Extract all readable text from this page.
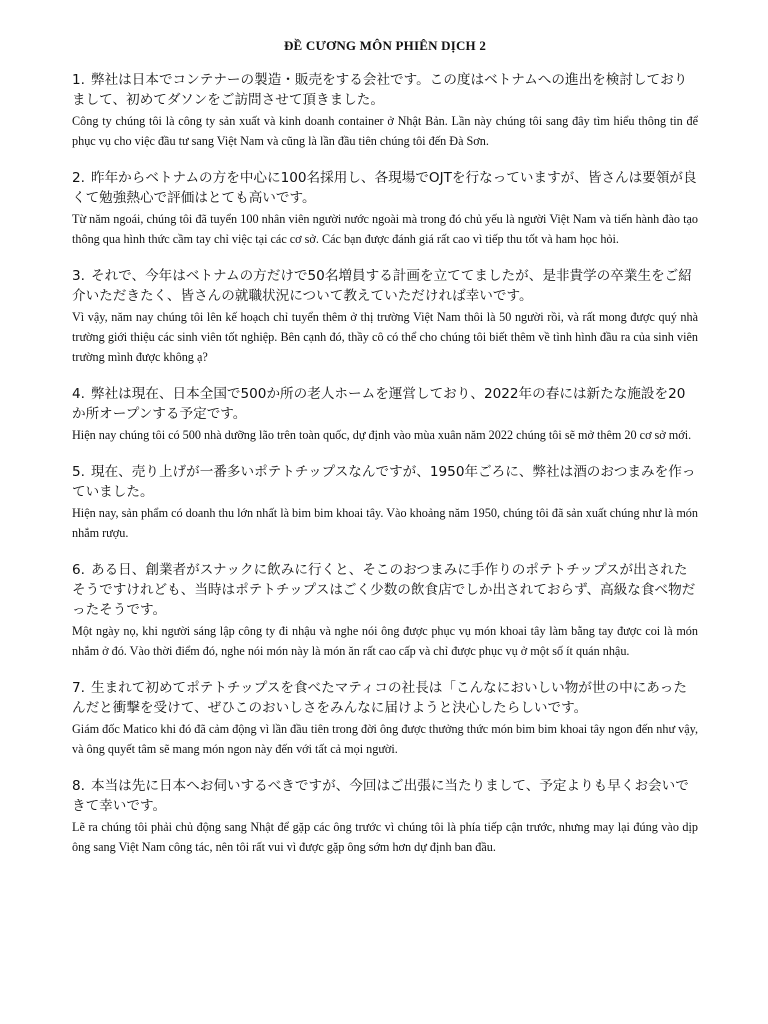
ĐỀ CƯƠNG MÔN PHIÊN DỊCH 2

1. 弊社は日本でコンテナーの製造・販売をする会社です。この度はベトナムへの進出を検討しておりまして、初めてダソンをご訪問させて頂きました。

Công ty chúng tôi là công ty sản xuất và kinh doanh container ở Nhật Bản. Lần này chúng tôi sang đây tìm hiểu thông tin để phục vụ cho việc đầu tư sang Việt Nam và cũng là lần đầu tiên chúng tôi đến Đà Sơn.

2. 昨年からベトナムの方を中心に100名採用し、各現場でOJTを行なっていますが、皆さんは要領が良くて勉強熱心で評価はとても高いです。

Từ năm ngoái, chúng tôi đã tuyển 100 nhân viên người nước ngoài mà trong đó chủ yếu là người Việt Nam và tiến hành đào tạo thông qua hình thức cầm tay chỉ việc tại các cơ sở. Các bạn được đánh giá rất cao vì tiếp thu tốt và ham học hỏi.

3. それで、今年はベトナムの方だけで50名増員する計画を立ててましたが、是非貴学の卒業生をご紹介いただきたく、皆さんの就職状況について教えていただければ幸いです。

Vì vậy, năm nay chúng tôi lên kế hoạch chỉ tuyển thêm ở thị trường Việt Nam thôi là 50 người rồi, và rất mong được quý nhà trường giới thiệu các sinh viên tốt nghiệp. Bên cạnh đó, thầy cô có thể cho chúng tôi biết thêm về tình hình đầu ra của sinh viên trường mình được không ạ?

4. 弊社は現在、日本全国で500か所の老人ホームを運営しており、2022年の春には新たな施設を20か所オープンする予定です。

Hiện nay chúng tôi có 500 nhà dưỡng lão trên toàn quốc, dự định vào mùa xuân năm 2022 chúng tôi sẽ mở thêm 20 cơ sở mới.

5. 現在、売り上げが一番多いポテトチップスなんですが、1950年ごろに、弊社は酒のおつまみを作っていました。

Hiện nay, sản phẩm có doanh thu lớn nhất là bim bim khoai tây. Vào khoảng năm 1950, chúng tôi đã sản xuất chúng như là món nhắm rượu.

6. ある日、創業者がスナックに飲みに行くと、そこのおつまみに手作りのポテトチップスが出されたそうですけれども、当時はポテトチップスはごく少数の飲食店でしか出されておらず、高級な食べ物だったそうです。

Một ngày nọ, khi người sáng lập công ty đi nhậu và nghe nói ông được phục vụ món khoai tây làm bằng tay được coi là món nhắm ở đó. Vào thời điểm đó, nghe nói món này là món ăn rất cao cấp và chỉ được phục vụ ở một số ít quán nhậu.

7. 生まれて初めてポテトチップスを食べたマティコの社長は「こんなにおいしい物が世の中にあったんだと衝撃を受けて、ぜひこのおいしさをみんなに届けようと決心したらしいです。

Giám đốc Matico khi đó đã cảm động vì lần đầu tiên trong đời ông được thưởng thức món bim bim khoai tây ngon đến như vậy, và ông quyết tâm sẽ mang món ngon này đến với tất cả mọi người.

8. 本当は先に日本へお伺いするべきですが、今回はご出張に当たりまして、予定よりも早くお会いできて幸いです。

Lẽ ra chúng tôi phải chủ động sang Nhật để gặp các ông trước vì chúng tôi là phía tiếp cận trước, nhưng may lại đúng vào dịp ông sang Việt Nam công tác, nên tôi rất vui vì được gặp ông sớm hơn dự định ban đầu.
